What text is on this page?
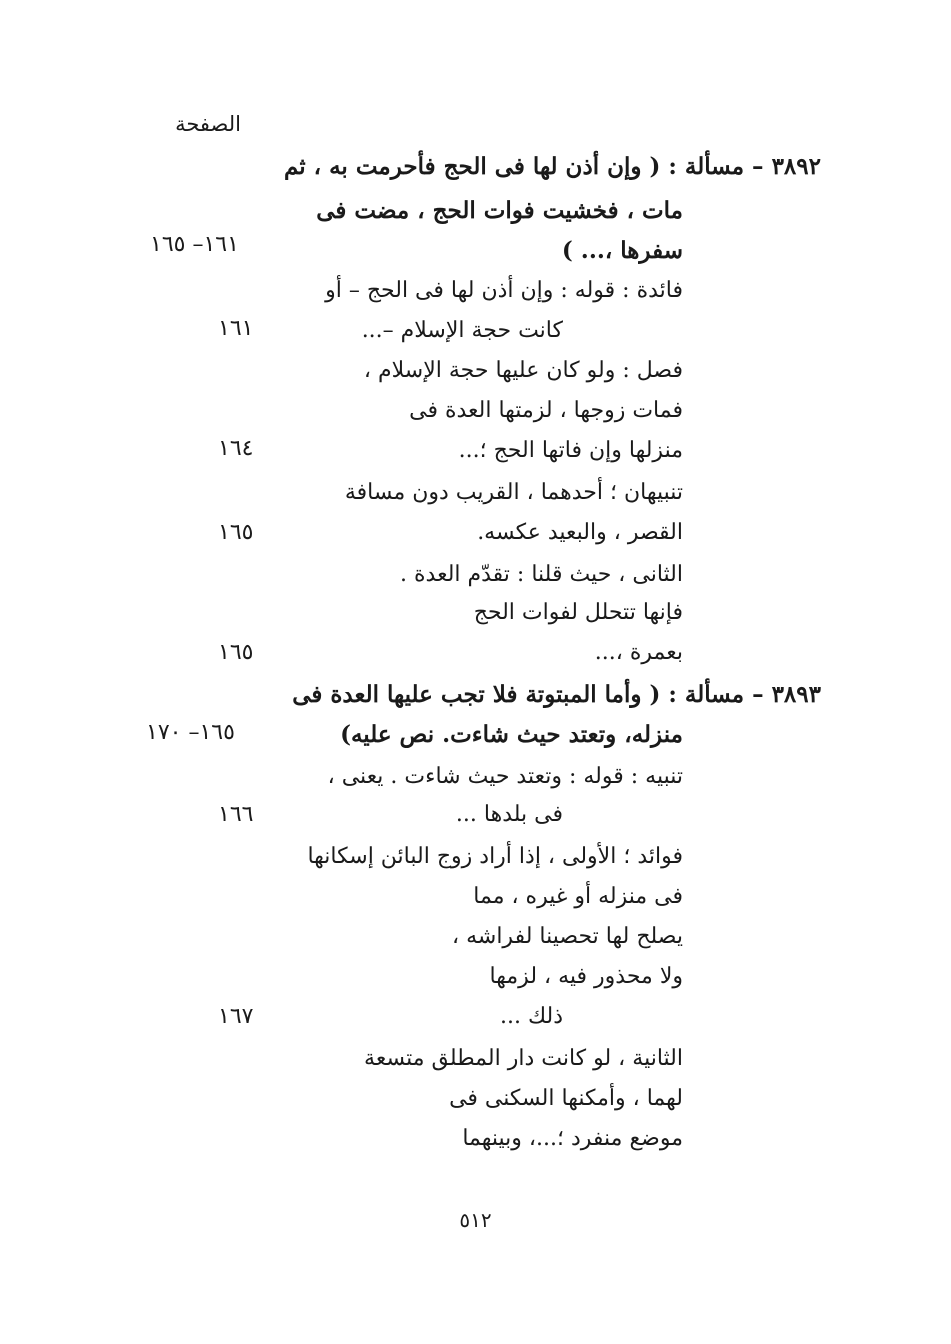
الصفحة
٣٨٩٢ – مسألة : ( وإن أذن لها فى الحج فأحرمت به ، ثم
مات ، فخشيت فوات الحج ، مضت فى
سفرها ،... )
١٦١– ١٦٥
فائدة : قوله : وإن أذن لها فى الحج – أو
كانت حجة الإسلام –...
١٦١
فصل : ولو كان عليها حجة الإسلام ،
فمات زوجها ، لزمتها العدة فى
منزلها وإن فاتها الحج ؛...
١٦٤
تنبيهان ؛ أحدهما ، القريب دون مسافة
القصر ، والبعيد عكسه.
١٦٥
الثانى ، حيث قلنا : تقدّم العدة .
فإنها تتحلل لفوات الحج
بعمرة ،...
١٦٥
٣٨٩٣ – مسألة : ( وأما المبتوتة فلا تجب عليها العدة فى
منزله، وتعتد حيث شاءت. نص عليه)
١٦٥– ١٧٠
تنبيه : قوله : وتعتد حيث شاءت . يعنى ،
فى بلدها ...
١٦٦
فوائد ؛ الأولى ، إذا أراد زوج البائن إسكانها
فى منزله أو غيره ، مما
يصلح لها تحصينا لفراشه ،
ولا محذور فيه ، لزمها
ذلك ...
١٦٧
الثانية ، لو كانت دار المطلق متسعة
لهما ، وأمكنها السكنى فى
موضع منفرد ؛...، وبينهما
٥١٢
